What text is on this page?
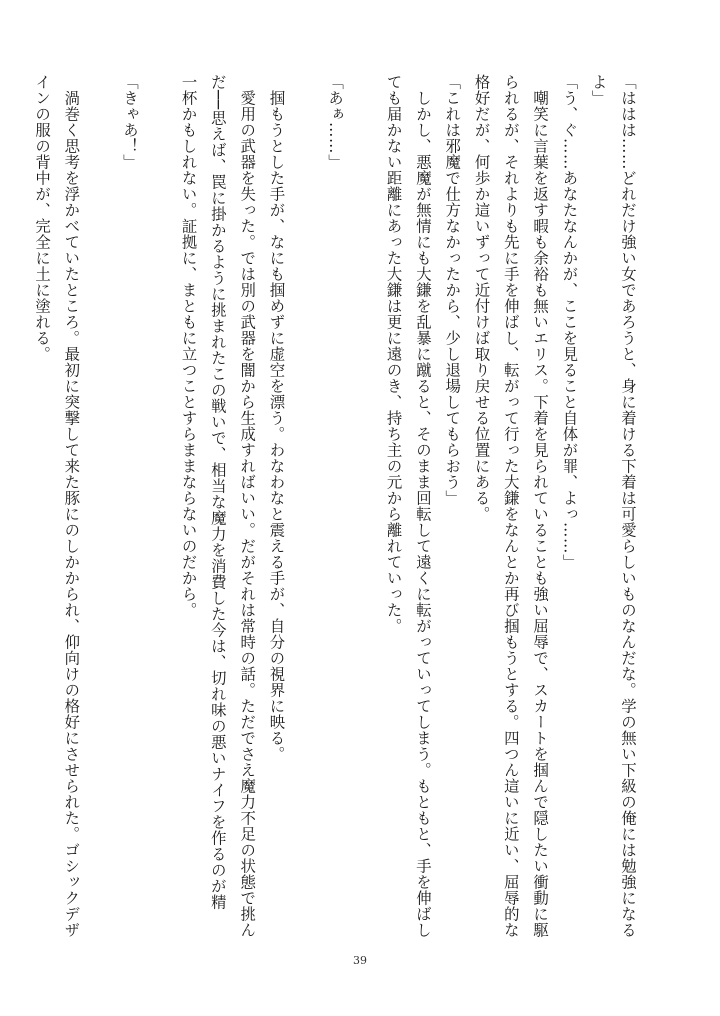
「ははは……どれだけ強い女であろうと、身に着ける下着は可愛らしいものなんだな。学の無い下級の俺には勉強になる
よ」
「う、ぐ……あなたなんかが、ここを見ること自体が罪、よっ……」
　嘲笑に言葉を返す暇も余裕も無いエリス。下着を見られていることも強い屈辱で、スカートを掴んで隠したい衝動に駆
られるが、それよりも先に手を伸ばし、転がって行った大鎌をなんとか再び掴もうとする。四つん這いに近い、屈辱的な
格好だが、何歩か這いずって近付けば取り戻せる位置にある。
「これは邪魔で仕方なかったから、少し退場してもらおう」
　しかし、悪魔が無情にも大鎌を乱暴に蹴ると、そのまま回転して遠くに転がっていってしまう。もともと、手を伸ばし
ても届かない距離にあった大鎌は更に遠のき、持ち主の元から離れていった。

「あぁ……」

　掴もうとした手が、なにも掴めずに虚空を漂う。わなわなと震える手が、自分の視界に映る。
　愛用の武器を失った。では別の武器を闇から生成すればいい。だがそれは常時の話。ただでさえ魔力不足の状態で挑ん
だ──思えば、罠に掛かるように挑まれたこの戦いで、相当な魔力を消費した今は、切れ味の悪いナイフを作るのが精
一杯かもしれない。証拠に、まともに立つことすらままならないのだから。

「きゃあ！」

　渦巻く思考を浮かべていたところ。最初に突撃して来た豚にのしかかられ、仰向けの格好にさせられた。ゴシックデザ
インの服の背中が、完全に土に塗れる。
39
